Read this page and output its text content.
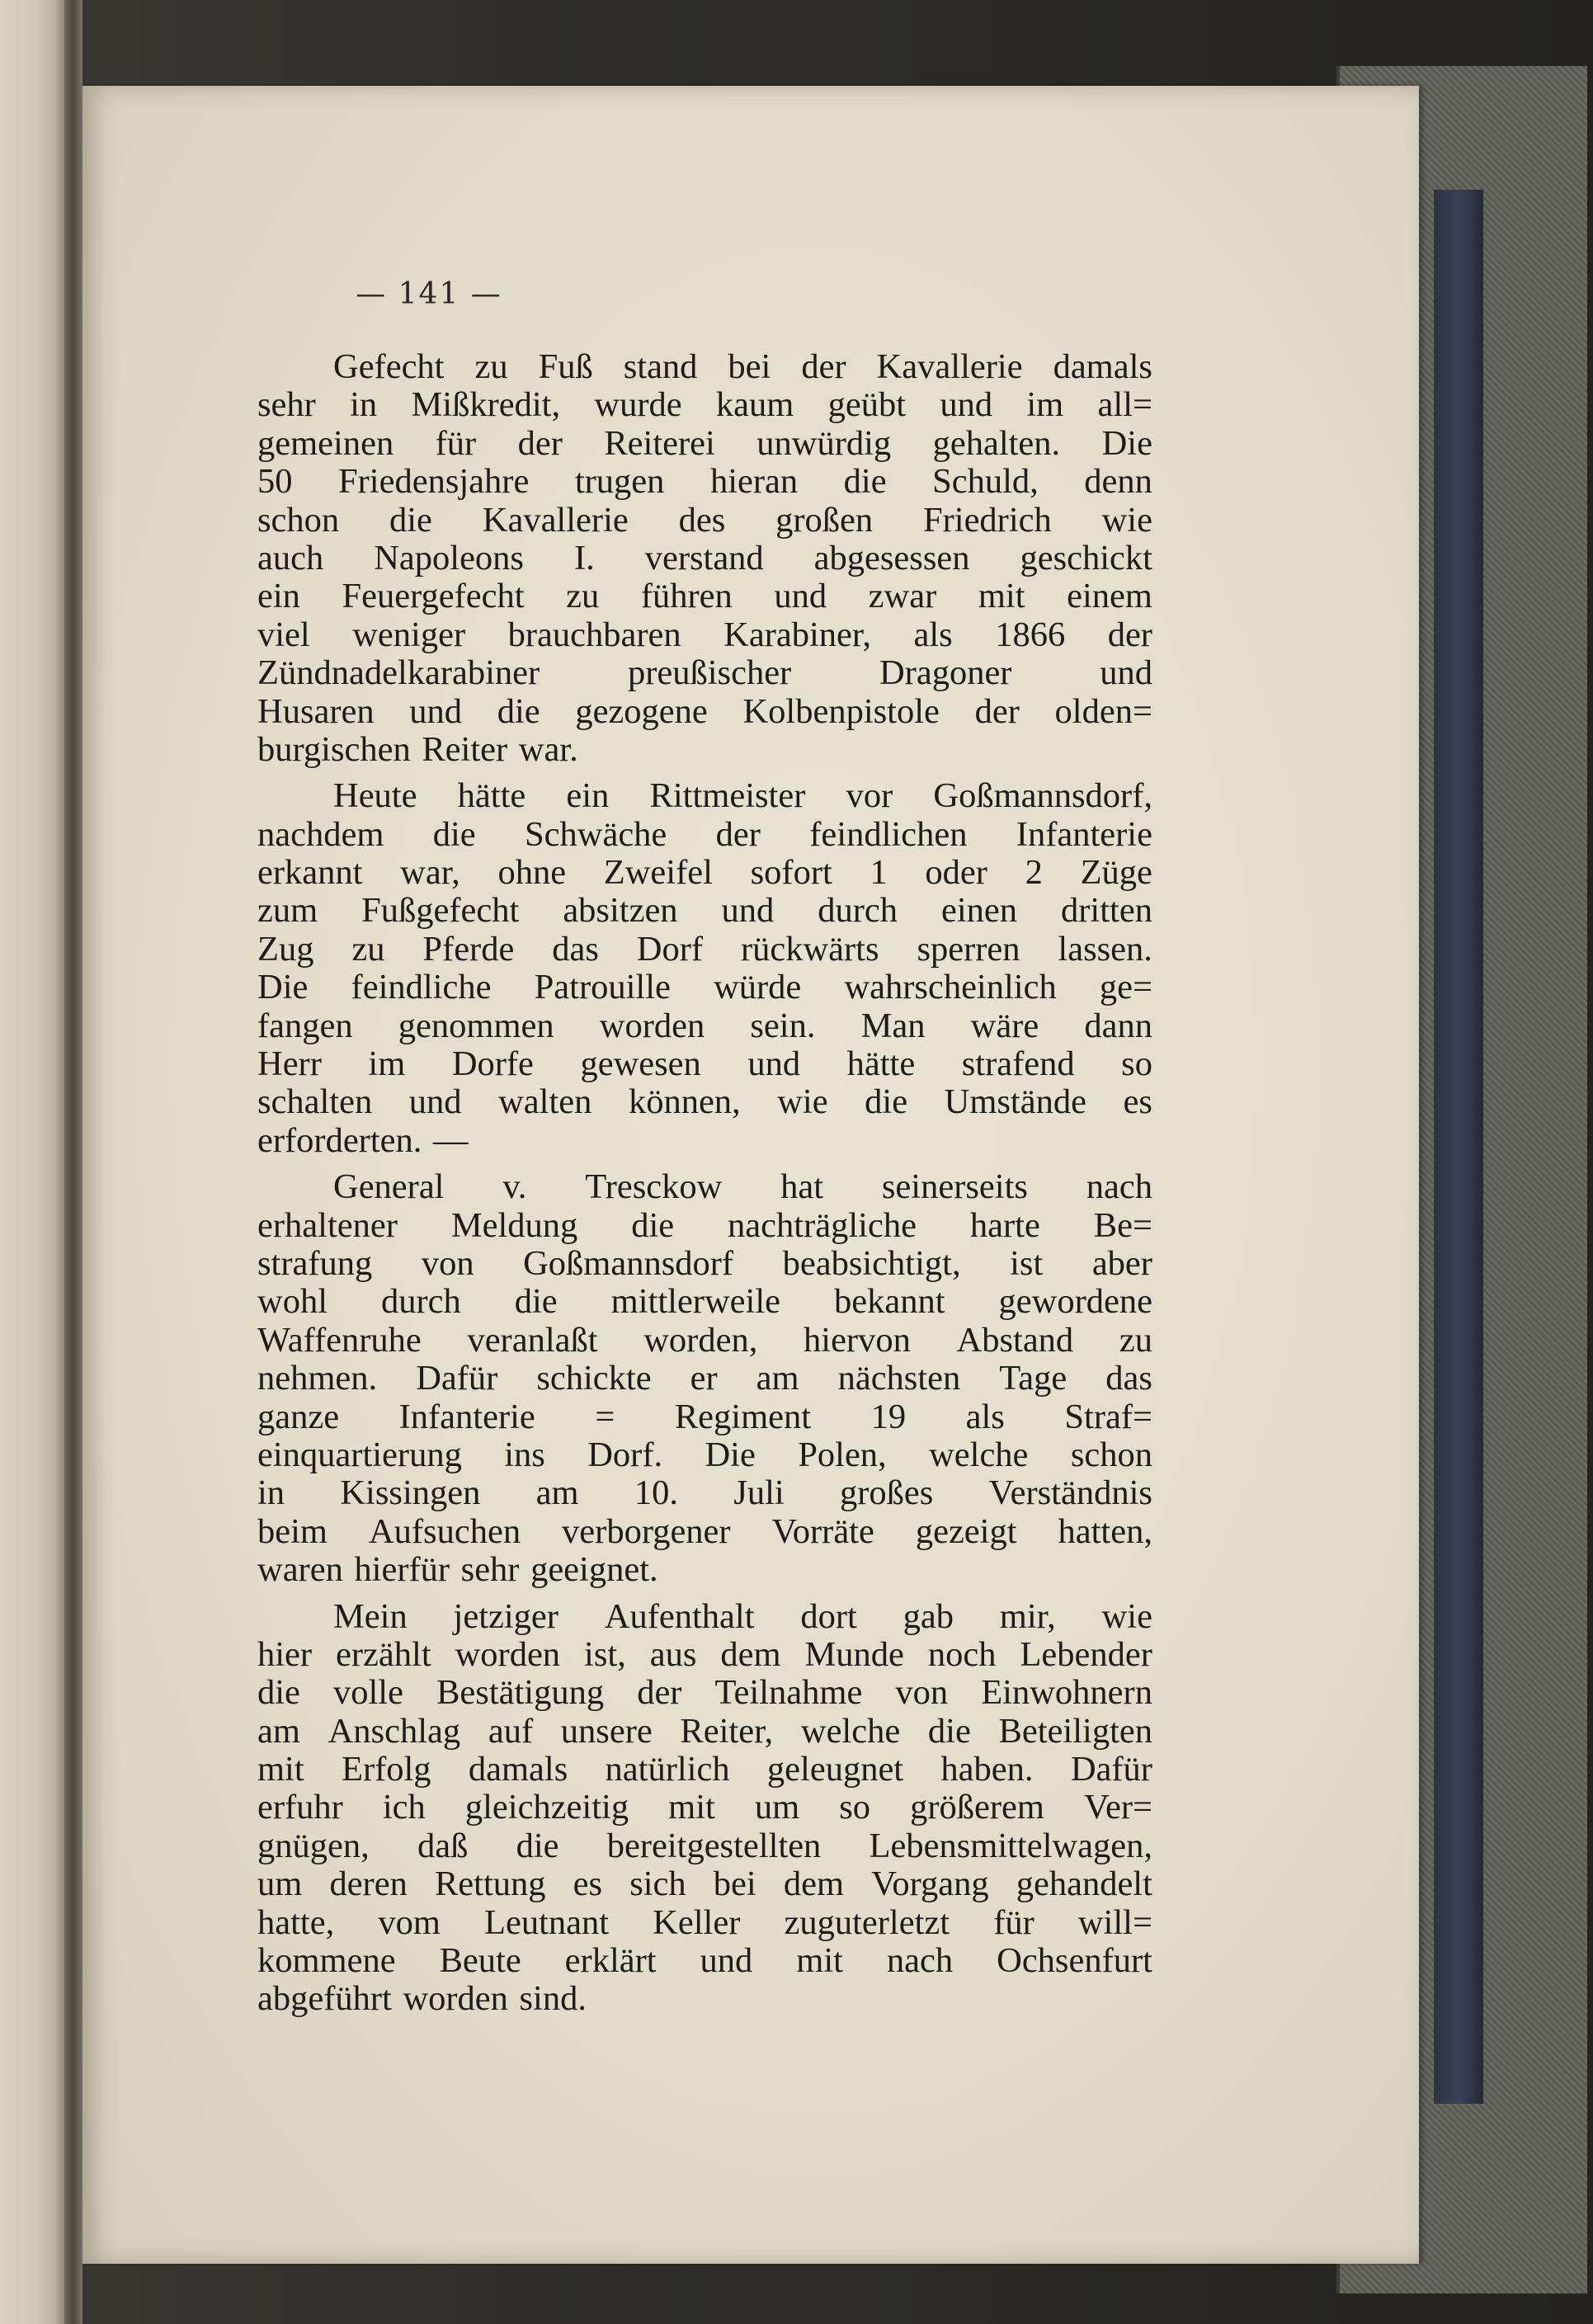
— 141 —
Gefecht zu Fuß stand bei der Kavallerie damals
sehr in Mißkredit, wurde kaum geübt und im all=
gemeinen für der Reiterei unwürdig gehalten. Die
50 Friedensjahre trugen hieran die Schuld, denn
schon die Kavallerie des großen Friedrich wie
auch Napoleons I. verstand abgesessen geschickt
ein Feuergefecht zu führen und zwar mit einem
viel weniger brauchbaren Karabiner, als 1866 der
Zündnadelkarabiner	preußischer	Dragoner	und
Husaren und die gezogene Kolbenpistole der olden=
burgischen Reiter war.
Heute hätte ein Rittmeister vor Goßmannsdorf,
nachdem die Schwäche der feindlichen Infanterie
erkannt war, ohne Zweifel sofort 1 oder 2 Züge
zum Fußgefecht absitzen und durch einen dritten
Zug zu Pferde das Dorf rückwärts sperren lassen.
Die feindliche Patrouille würde wahrscheinlich ge=
fangen genommen worden sein. Man wäre dann
Herr im Dorfe gewesen und hätte strafend so
schalten und walten können, wie die Umstände es
erforderten. —
General v. Tresckow hat seinerseits nach
erhaltener Meldung die nachträgliche harte Be=
strafung von Goßmannsdorf beabsichtigt, ist aber
wohl durch die mittlerweile bekannt gewordene
Waffenruhe veranlaßt worden, hiervon Abstand zu
nehmen. Dafür schickte er am nächsten Tage das
ganze Infanterie = Regiment 19 als Straf=
einquartierung ins Dorf. Die Polen, welche schon
in Kissingen am 10. Juli großes Verständnis
beim Aufsuchen verborgener Vorräte gezeigt hatten,
waren hierfür sehr geeignet.
Mein jetziger Aufenthalt dort gab mir, wie
hier erzählt worden ist, aus dem Munde noch Lebender
die volle Bestätigung der Teilnahme von Einwohnern
am Anschlag auf unsere Reiter, welche die Beteiligten
mit Erfolg damals natürlich geleugnet haben. Dafür
erfuhr ich gleichzeitig mit um so größerem Ver=
gnügen, daß die bereitgestellten Lebensmittelwagen,
um deren Rettung es sich bei dem Vorgang gehandelt
hatte, vom Leutnant Keller zuguterletzt für will=
kommene Beute erklärt und mit nach Ochsenfurt
abgeführt worden sind.
